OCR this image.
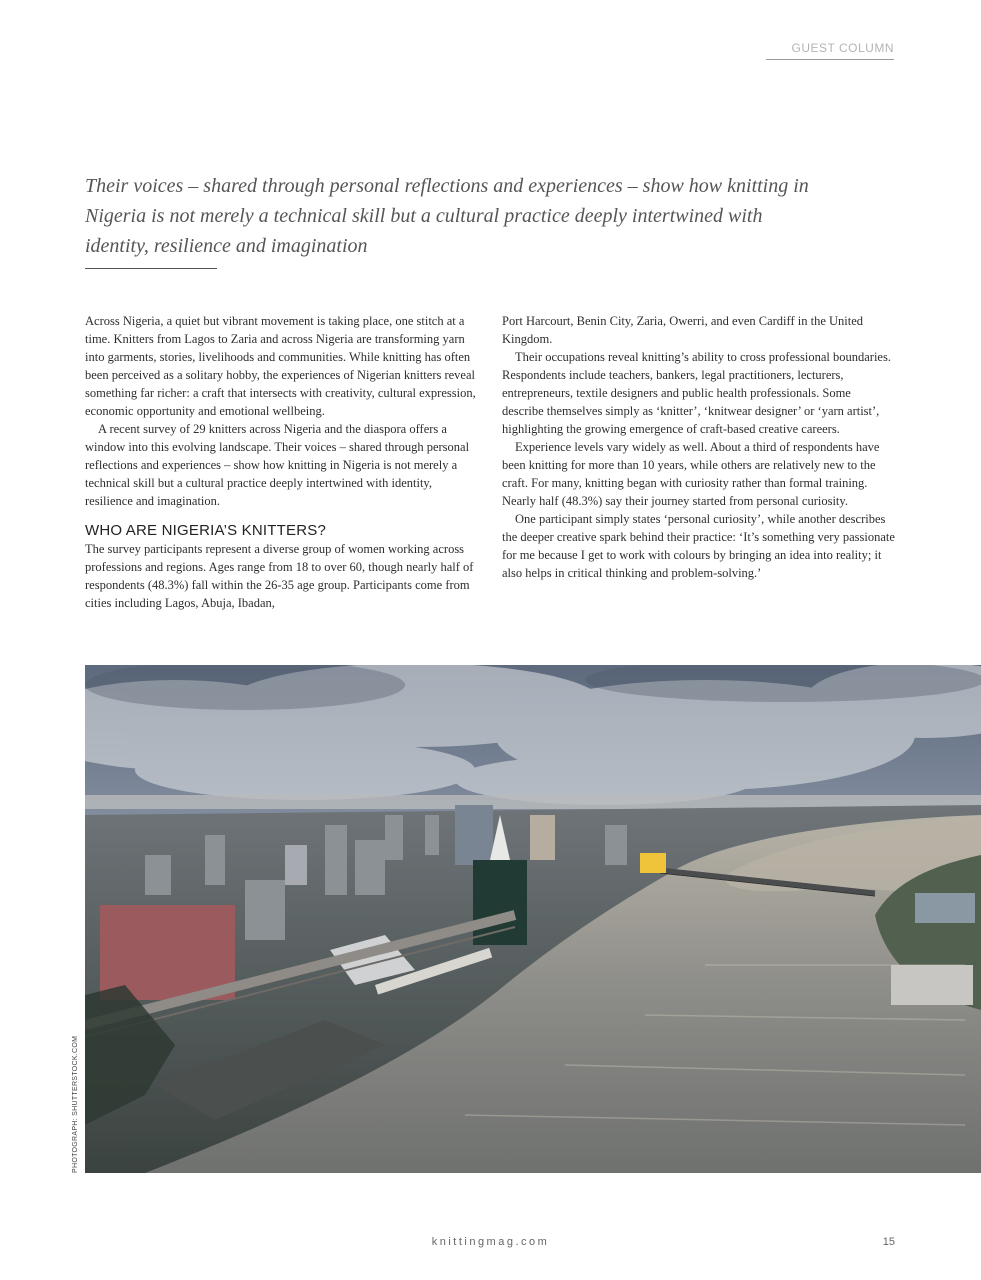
GUEST COLUMN

Their voices – shared through personal reflections and experiences – show how knitting in Nigeria is not merely a technical skill but a cultural practice deeply intertwined with identity, resilience and imagination

Across Nigeria, a quiet but vibrant movement is taking place, one stitch at a time. Knitters from Lagos to Zaria and across Nigeria are transforming yarn into garments, stories, livelihoods and communities. While knitting has often been perceived as a solitary hobby, the experiences of Nigerian knitters reveal something far richer: a craft that intersects with creativity, cultural expression, economic opportunity and emotional wellbeing.

A recent survey of 29 knitters across Nigeria and the diaspora offers a window into this evolving landscape. Their voices – shared through personal reflections and experiences – show how knitting in Nigeria is not merely a technical skill but a cultural practice deeply intertwined with identity, resilience and imagination.

WHO ARE NIGERIA’S KNITTERS?

The survey participants represent a diverse group of women working across professions and regions. Ages range from 18 to over 60, though nearly half of respondents (48.3%) fall within the 26-35 age group. Participants come from cities including Lagos, Abuja, Ibadan,

Port Harcourt, Benin City, Zaria, Owerri, and even Cardiff in the United Kingdom.

Their occupations reveal knitting’s ability to cross professional boundaries. Respondents include teachers, bankers, legal practitioners, lecturers, entrepreneurs, textile designers and public health professionals. Some describe themselves simply as ‘knitter’, ‘knitwear designer’ or ‘yarn artist’, highlighting the growing emergence of craft-based creative careers.

Experience levels vary widely as well. About a third of respondents have been knitting for more than 10 years, while others are relatively new to the craft. For many, knitting began with curiosity rather than formal training. Nearly half (48.3%) say their journey started from personal curiosity.

One participant simply states ‘personal curiosity’, while another describes the deeper creative spark behind their practice: ‘It’s something very passionate for me because I get to work with colours by bringing an idea into reality; it also helps in critical thinking and problem-solving.’

PHOTOGRAPH: SHUTTERSTOCK.COM
knittingmag.com	15
